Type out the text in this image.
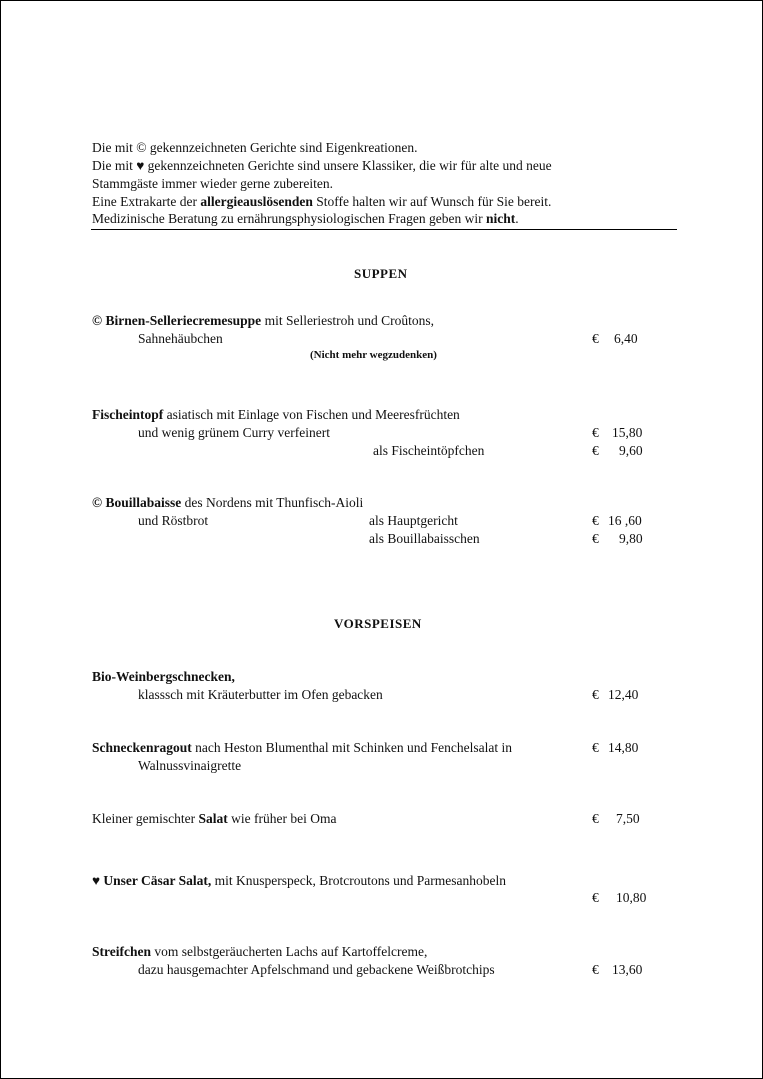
Die mit © gekennzeichneten Gerichte sind Eigenkreationen.
Die mit ♥ gekennzeichneten Gerichte sind unsere Klassiker, die wir für alte und neue
Stammgäste immer wieder gerne zubereiten.
Eine Extrakarte der allergieauslösenden Stoffe halten wir auf Wunsch für Sie bereit.
Medizinische Beratung zu ernährungsphysiologischen Fragen geben wir nicht.
SUPPEN
© Birnen-Selleriecremesuppe mit Selleriestroh und Croûtons,
Sahnehäubchen	€ 6,40
(Nicht mehr wegzudenken)
Fischeintopf asiatisch mit Einlage von Fischen und Meeresfrüchten
und wenig grünem Curry verfeinert	€ 15,80
als Fischeintöpfchen	€ 9,60
© Bouillabaisse des Nordens mit Thunfisch-Aioli
und Röstbrot	als Hauptgericht	€ 16 ,60
als Bouillabaisschen	€ 9,80
VORSPEISEN
Bio-Weinbergschnecken,
klasssch mit Kräuterbutter im Ofen gebacken	€ 12,40
Schneckenragout nach Heston Blumenthal mit Schinken und Fenchelsalat in
Walnussvinaigrette
€ 14,80
Kleiner gemischter Salat wie früher bei Oma	€ 7,50
♥ Unser Cäsar Salat, mit Knusperspeck, Brotcroutons und Parmesanhobeln
€ 10,80
Streifchen vom selbstgeräucherten Lachs auf Kartoffelcreme,
dazu hausgemachter Apfelschmand und gebackene Weißbrotchips	€ 13,60
